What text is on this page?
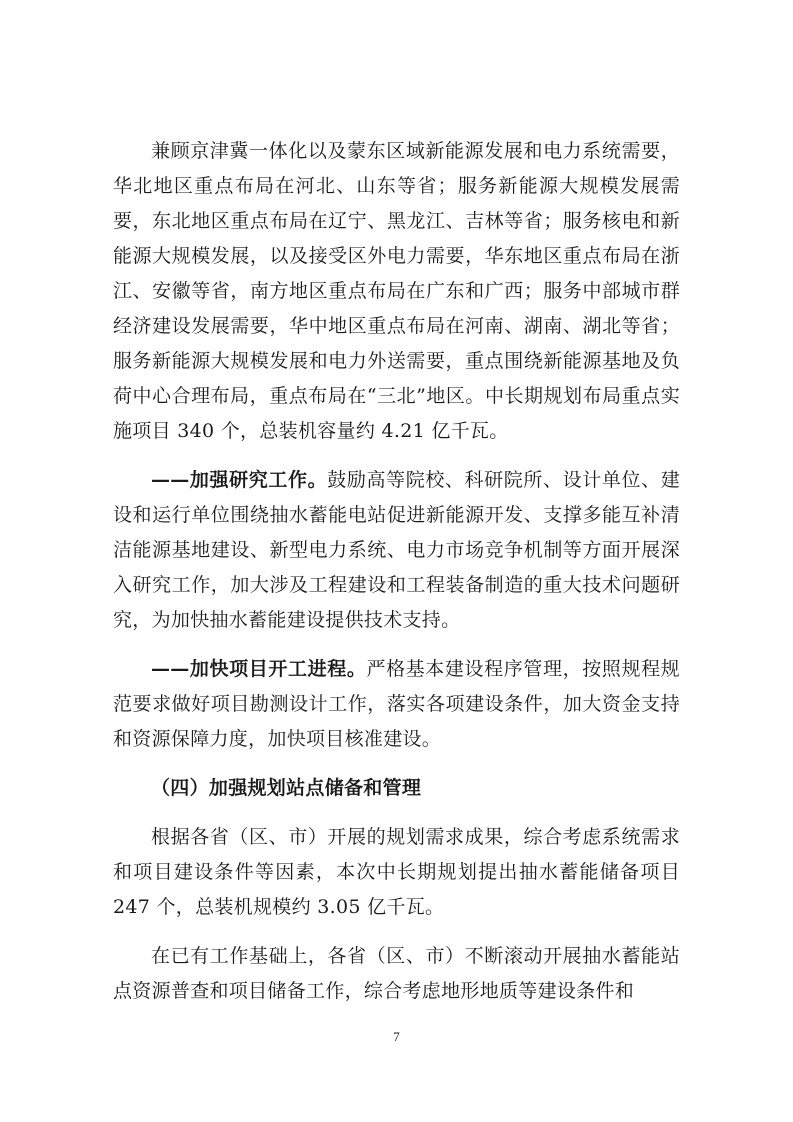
兼顾京津冀一体化以及蒙东区域新能源发展和电力系统需要，华北地区重点布局在河北、山东等省；服务新能源大规模发展需要，东北地区重点布局在辽宁、黑龙江、吉林等省；服务核电和新能源大规模发展，以及接受区外电力需要，华东地区重点布局在浙江、安徽等省，南方地区重点布局在广东和广西；服务中部城市群经济建设发展需要，华中地区重点布局在河南、湖南、湖北等省；服务新能源大规模发展和电力外送需要，重点围绕新能源基地及负荷中心合理布局，重点布局在“三北”地区。中长期规划布局重点实施项目 340 个，总装机容量约 4.21 亿千瓦。

——加强研究工作。鼓励高等院校、科研院所、设计单位、建设和运行单位围绕抽水蓄能电站促进新能源开发、支撑多能互补清洁能源基地建设、新型电力系统、电力市场竞争机制等方面开展深入研究工作，加大涉及工程建设和工程装备制造的重大技术问题研究，为加快抽水蓄能建设提供技术支持。

——加快项目开工进程。严格基本建设程序管理，按照规程规范要求做好项目勘测设计工作，落实各项建设条件，加大资金支持和资源保障力度，加快项目核准建设。

（四）加强规划站点储备和管理

根据各省（区、市）开展的规划需求成果，综合考虑系统需求和项目建设条件等因素，本次中长期规划提出抽水蓄能储备项目 247 个，总装机规模约 3.05 亿千瓦。

在已有工作基础上，各省（区、市）不断滚动开展抽水蓄能站点资源普查和项目储备工作，综合考虑地形地质等建设条件和

7
